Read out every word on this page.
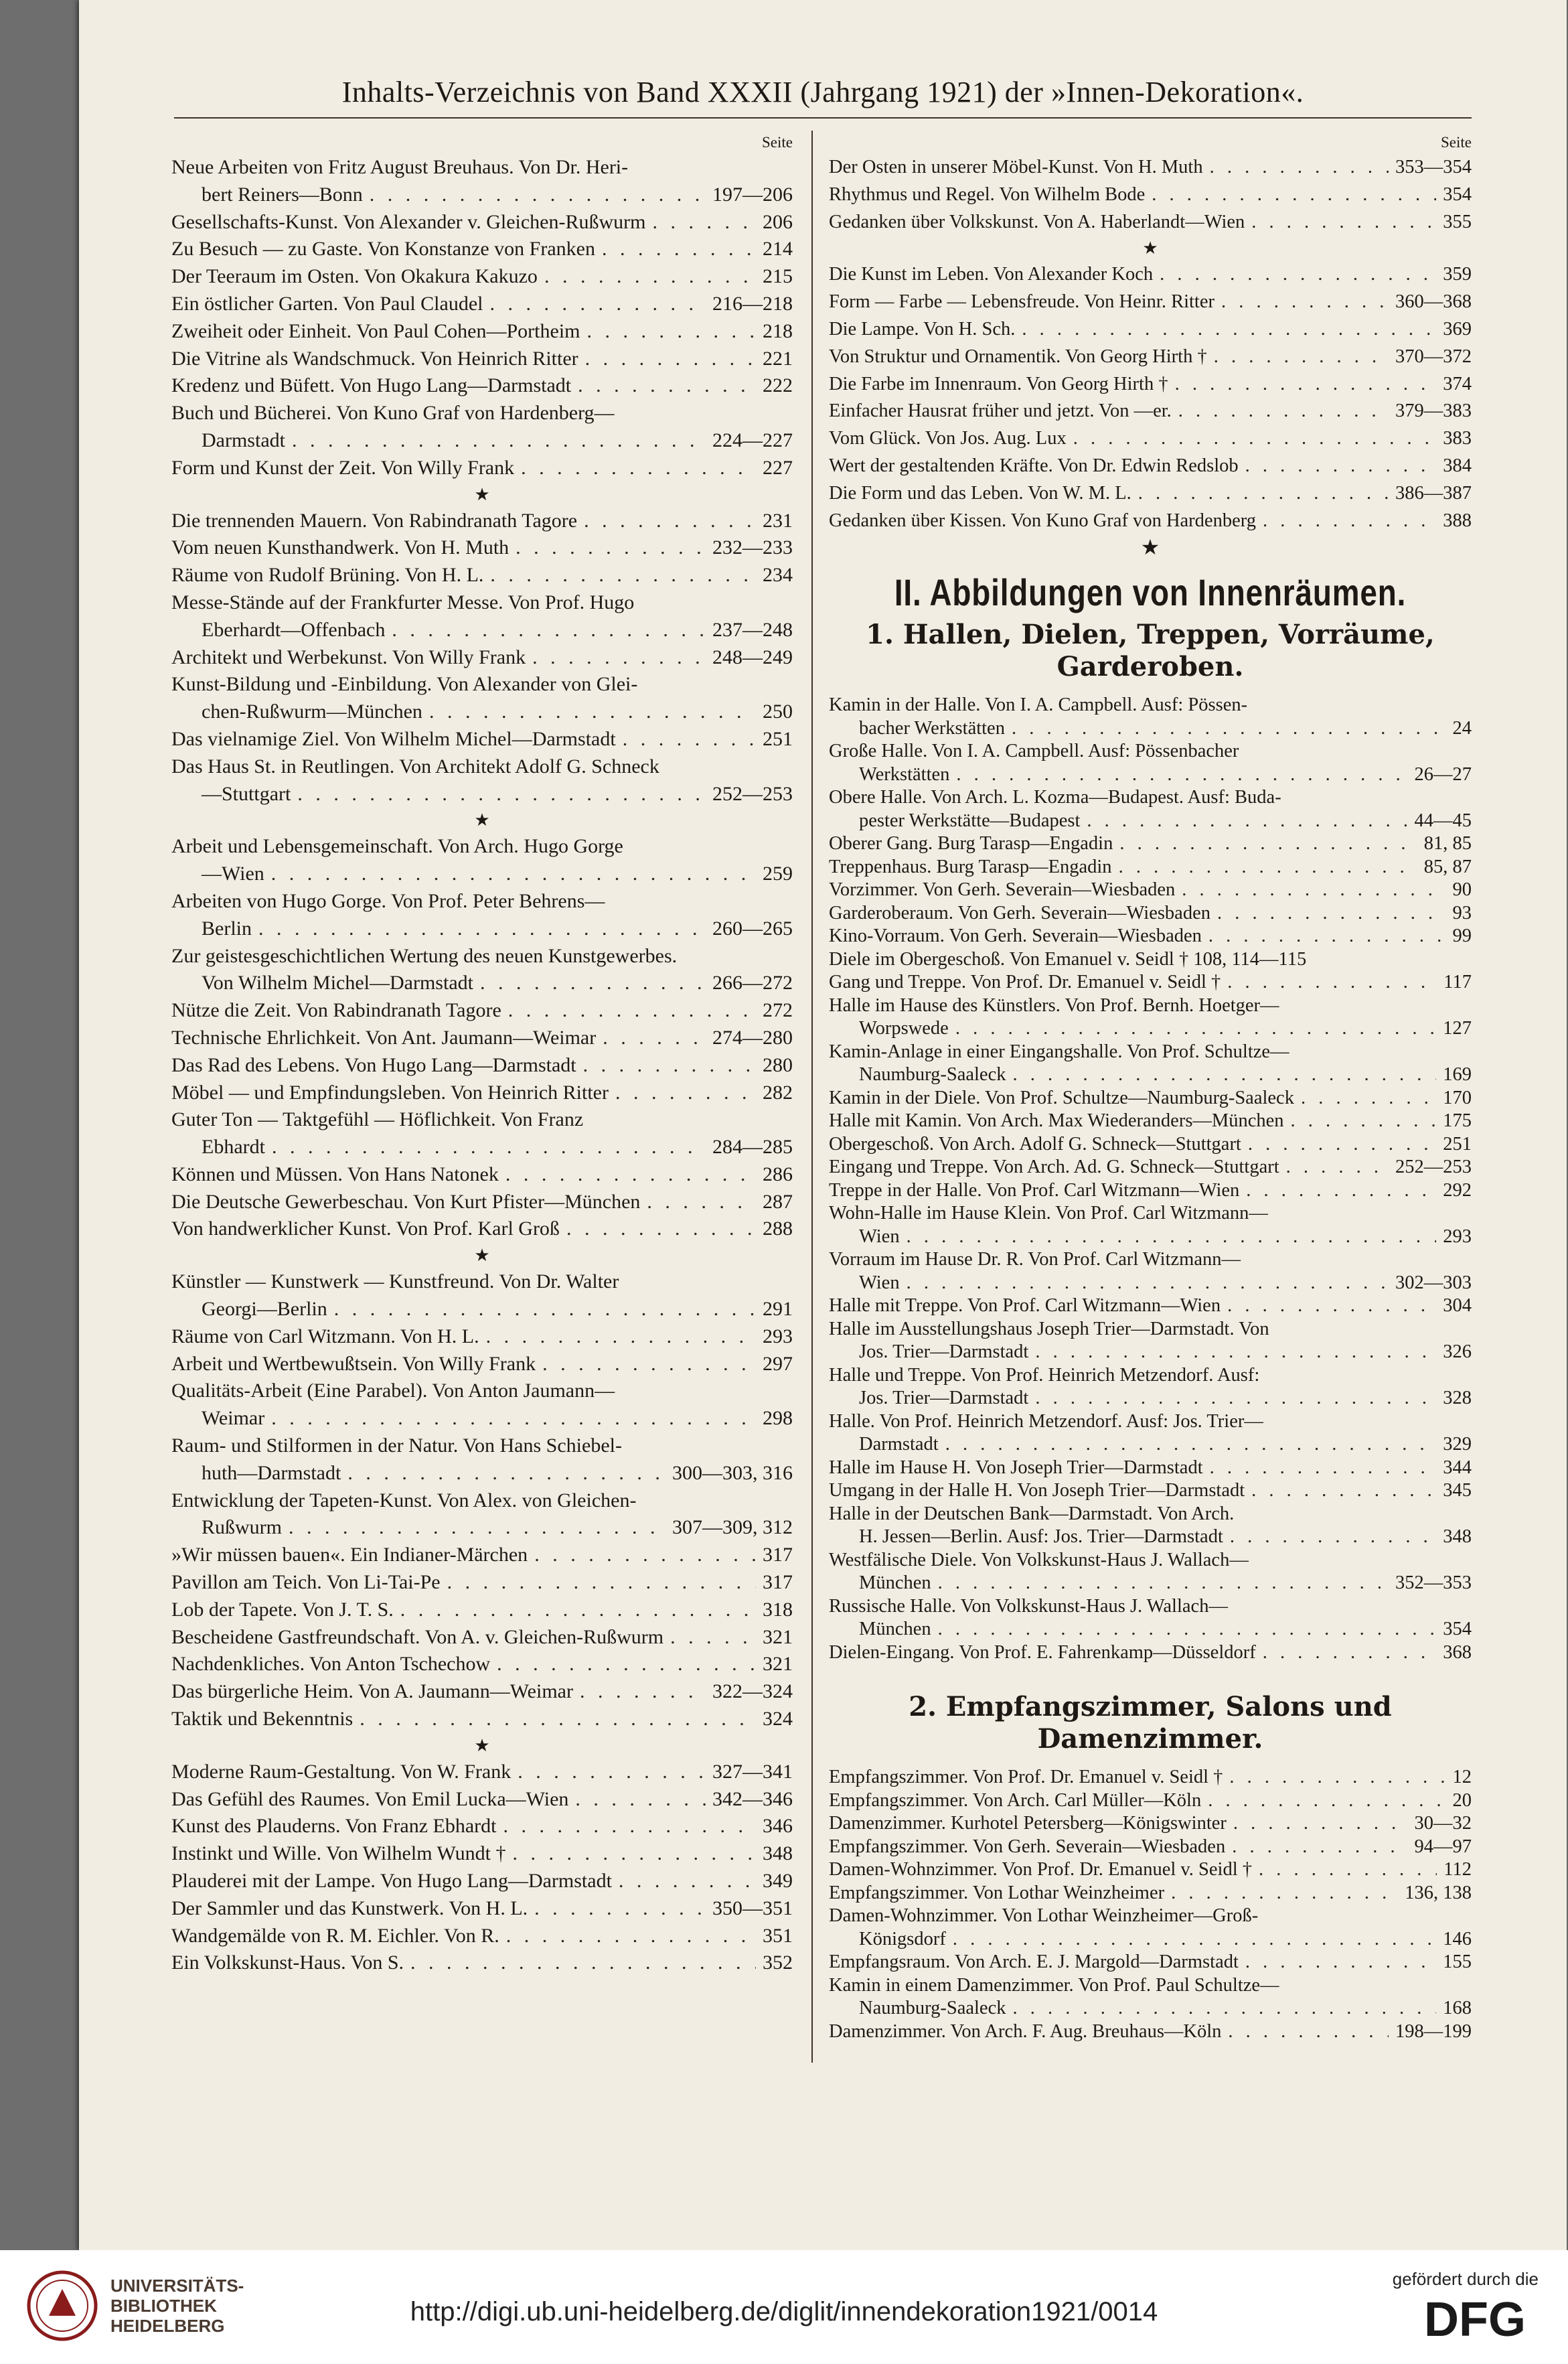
Inhalts-Verzeichnis von Band XXXII (Jahrgang 1921) der »Innen-Dekoration«.
Seite
Neue Arbeiten von Fritz August Breuhaus. Von Dr. Heri-
bert Reiners—Bonn . . .	197—206
Gesellschafts-Kunst. Von Alexander v. Gleichen-Rußwurm . . .	206
Zu Besuch — zu Gaste. Von Konstanze von Franken . . .	214
Der Teeraum im Osten. Von Okakura Kakuzo . . .	215
Ein östlicher Garten. Von Paul Claudel . . .	216—218
Zweiheit oder Einheit. Von Paul Cohen—Portheim . . .	218
Die Vitrine als Wandschmuck. Von Heinrich Ritter . . .	221
Kredenz und Büfett. Von Hugo Lang—Darmstadt . . .	222
Buch und Bücherei. Von Kuno Graf von Hardenberg—
Darmstadt . . .	224—227
Form und Kunst der Zeit. Von Willy Frank . . .	227
★
Die trennenden Mauern. Von Rabindranath Tagore . . .	231
Vom neuen Kunsthandwerk. Von H. Muth . . .	232—233
Räume von Rudolf Brüning. Von H. L. . . .	234
Messe-Stände auf der Frankfurter Messe. Von Prof. Hugo
Eberhardt—Offenbach . . .	237—248
Architekt und Werbekunst. Von Willy Frank . . .	248—249
Kunst-Bildung und -Einbildung. Von Alexander von Glei-
chen-Rußwurm—München . . .	250
Das vielnamige Ziel. Von Wilhelm Michel—Darmstadt . . .	251
Das Haus St. in Reutlingen. Von Architekt Adolf G. Schneck
—Stuttgart . . .	252—253
★
Arbeit und Lebensgemeinschaft. Von Arch. Hugo Gorge
—Wien . . .	259
Arbeiten von Hugo Gorge. Von Prof. Peter Behrens—
Berlin . . .	260—265
Zur geistesgeschichtlichen Wertung des neuen Kunstgewerbes.
Von Wilhelm Michel—Darmstadt . . .	266—272
Nütze die Zeit. Von Rabindranath Tagore . . .	272
Technische Ehrlichkeit. Von Ant. Jaumann—Weimar . . .	274—280
Das Rad des Lebens. Von Hugo Lang—Darmstadt . . .	280
Möbel — und Empfindungsleben. Von Heinrich Ritter . . .	282
Guter Ton — Taktgefühl — Höflichkeit. Von Franz
Ebhardt . . .	284—285
Können und Müssen. Von Hans Natonek . . .	286
Die Deutsche Gewerbeschau. Von Kurt Pfister—München . . .	287
Von handwerklicher Kunst. Von Prof. Karl Groß . . .	288
★
Künstler — Kunstwerk — Kunstfreund. Von Dr. Walter
Georgi—Berlin . . .	291
Räume von Carl Witzmann. Von H. L. . . .	293
Arbeit und Wertbewußtsein. Von Willy Frank . . .	297
Qualitäts-Arbeit (Eine Parabel). Von Anton Jaumann—
Weimar . . .	298
Raum- und Stilformen in der Natur. Von Hans Schiebel-
huth—Darmstadt . . .	300—303, 316
Entwicklung der Tapeten-Kunst. Von Alex. von Gleichen-
Rußwurm . . .	307—309, 312
»Wir müssen bauen«. Ein Indianer-Märchen . . .	317
Pavillon am Teich. Von Li-Tai-Pe . . .	317
Lob der Tapete. Von J. T. S. . . .	318
Bescheidene Gastfreundschaft. Von A. v. Gleichen-Rußwurm . . .	321
Nachdenkliches. Von Anton Tschechow . . .	321
Das bürgerliche Heim. Von A. Jaumann—Weimar . . .	322—324
Taktik und Bekenntnis . . .	324
★
Moderne Raum-Gestaltung. Von W. Frank . . .	327—341
Das Gefühl des Raumes. Von Emil Lucka—Wien . . .	342—346
Kunst des Plauderns. Von Franz Ebhardt . . .	346
Instinkt und Wille. Von Wilhelm Wundt † . . .	348
Plauderei mit der Lampe. Von Hugo Lang—Darmstadt . . .	349
Der Sammler und das Kunstwerk. Von H. L. . . .	350—351
Wandgemälde von R. M. Eichler. Von R. . . .	351
Ein Volkskunst-Haus. Von S. . . .	352
Seite
Der Osten in unserer Möbel-Kunst. Von H. Muth . . .	353—354
Rhythmus und Regel. Von Wilhelm Bode . . .	354
Gedanken über Volkskunst. Von A. Haberlandt—Wien . . .	355
★
Die Kunst im Leben. Von Alexander Koch . . .	359
Form — Farbe — Lebensfreude. Von Heinr. Ritter . . .	360—368
Die Lampe. Von H. Sch. . . .	369
Von Struktur und Ornamentik. Von Georg Hirth † . . .	370—372
Die Farbe im Innenraum. Von Georg Hirth † . . .	374
Einfacher Hausrat früher und jetzt. Von —er. . . .	379—383
Vom Glück. Von Jos. Aug. Lux . . .	383
Wert der gestaltenden Kräfte. Von Dr. Edwin Redslob . . .	384
Die Form und das Leben. Von W. M. L. . . .	386—387
Gedanken über Kissen. Von Kuno Graf von Hardenberg . . .	388
★
II. Abbildungen von Innenräumen.
1. Hallen, Dielen, Treppen, Vorräume, Garderoben.
Kamin in der Halle. Von I. A. Campbell. Ausf: Pössen-
bacher Werkstätten . . .	24
Große Halle. Von I. A. Campbell. Ausf: Pössenbacher
Werkstätten . . .	26—27
Obere Halle. Von Arch. L. Kozma—Budapest. Ausf: Buda-
pester Werkstätte—Budapest . . .	44—45
Oberer Gang. Burg Tarasp—Engadin . . .	81, 85
Treppenhaus. Burg Tarasp—Engadin . . .	85, 87
Vorzimmer. Von Gerh. Severain—Wiesbaden . . .	90
Garderoberaum. Von Gerh. Severain—Wiesbaden . . .	93
Kino-Vorraum. Von Gerh. Severain—Wiesbaden . . .	99
Diele im Obergeschoß. Von Emanuel v. Seidl † 108, 114—115
Gang und Treppe. Von Prof. Dr. Emanuel v. Seidl † . . .	117
Halle im Hause des Künstlers. Von Prof. Bernh. Hoetger—
Worpswede . . .	127
Kamin-Anlage in einer Eingangshalle. Von Prof. Schultze—
Naumburg-Saaleck . . .	169
Kamin in der Diele. Von Prof. Schultze—Naumburg-Saaleck . . .	170
Halle mit Kamin. Von Arch. Max Wiederanders—München . . .	175
Obergeschoß. Von Arch. Adolf G. Schneck—Stuttgart . . .	251
Eingang und Treppe. Von Arch. Ad. G. Schneck—Stuttgart . . .	252—253
Treppe in der Halle. Von Prof. Carl Witzmann—Wien . . .	292
Wohn-Halle im Hause Klein. Von Prof. Carl Witzmann—
Wien . . .	293
Vorraum im Hause Dr. R. Von Prof. Carl Witzmann—
Wien . . .	302—303
Halle mit Treppe. Von Prof. Carl Witzmann—Wien . . .	304
Halle im Ausstellungshaus Joseph Trier—Darmstadt. Von
Jos. Trier—Darmstadt . . .	326
Halle und Treppe. Von Prof. Heinrich Metzendorf. Ausf:
Jos. Trier—Darmstadt . . .	328
Halle. Von Prof. Heinrich Metzendorf. Ausf: Jos. Trier—
Darmstadt . . .	329
Halle im Hause H. Von Joseph Trier—Darmstadt . . .	344
Umgang in der Halle H. Von Joseph Trier—Darmstadt . . .	345
Halle in der Deutschen Bank—Darmstadt. Von Arch.
H. Jessen—Berlin. Ausf: Jos. Trier—Darmstadt . . .	348
Westfälische Diele. Von Volkskunst-Haus J. Wallach—
München . . .	352—353
Russische Halle. Von Volkskunst-Haus J. Wallach—
München . . .	354
Dielen-Eingang. Von Prof. E. Fahrenkamp—Düsseldorf . . .	368
2. Empfangszimmer, Salons und Damenzimmer.
Empfangszimmer. Von Prof. Dr. Emanuel v. Seidl † . . .	12
Empfangszimmer. Von Arch. Carl Müller—Köln . . .	20
Damenzimmer. Kurhotel Petersberg—Königswinter . . .	30—32
Empfangszimmer. Von Gerh. Severain—Wiesbaden . . .	94—97
Damen-Wohnzimmer. Von Prof. Dr. Emanuel v. Seidl † . . .	112
Empfangszimmer. Von Lothar Weinzheimer . . .	136, 138
Damen-Wohnzimmer. Von Lothar Weinzheimer—Groß-
Königsdorf . . .	146
Empfangsraum. Von Arch. E. J. Margold—Darmstadt . . .	155
Kamin in einem Damenzimmer. Von Prof. Paul Schultze—
Naumburg-Saaleck . . .	168
Damenzimmer. Von Arch. F. Aug. Breuhaus—Köln . . .	198—199
UNIVERSITÄTS-
BIBLIOTHEK
HEIDELBERG	http://digi.ub.uni-heidelberg.de/diglit/innendekoration1921/0014
gefördert durch die
DFG
